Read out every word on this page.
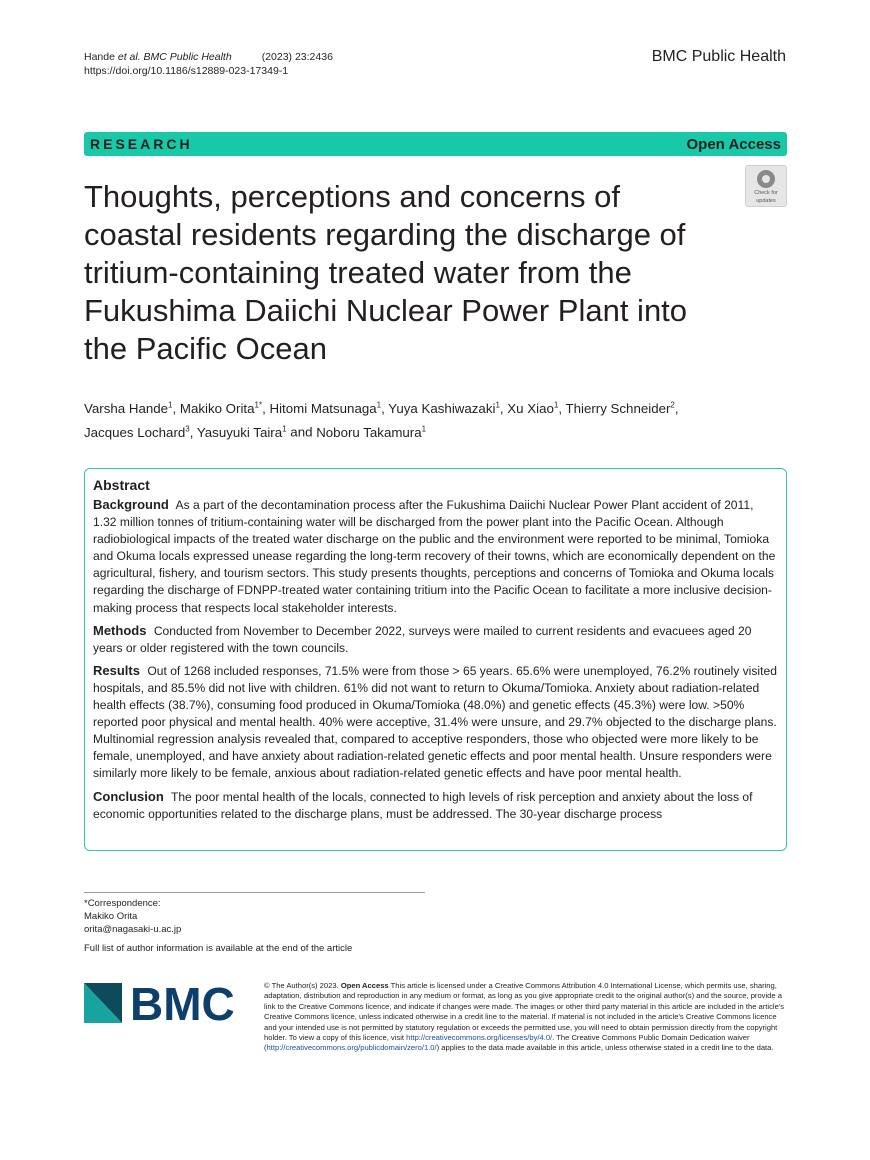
Hande et al. BMC Public Health	(2023) 23:2436
https://doi.org/10.1186/s12889-023-17349-1
BMC Public Health
RESEARCH	Open Access
Check for
updates
Thoughts, perceptions and concerns of coastal residents regarding the discharge of tritium-containing treated water from the Fukushima Daiichi Nuclear Power Plant into the Pacific Ocean
Varsha Hande$^1$, Makiko Orita$^{1*}$, Hitomi Matsunaga$^1$, Yuya Kashiwazaki$^1$, Xu Xiao$^1$, Thierry Schneider$^2$,
Jacques Lochard$^3$, Yasuyuki Taira$^1$ and Noboru Takamura$^1$
Abstract

Background As a part of the decontamination process after the Fukushima Daiichi Nuclear Power Plant accident of 2011, 1.32 million tonnes of tritium-containing water will be discharged from the power plant into the Pacific Ocean. Although radiobiological impacts of the treated water discharge on the public and the environment were reported to be minimal, Tomioka and Okuma locals expressed unease regarding the long-term recovery of their towns, which are economically dependent on the agricultural, fishery, and tourism sectors. This study presents thoughts, perceptions and concerns of Tomioka and Okuma locals regarding the discharge of FDNPP-treated water containing tritium into the Pacific Ocean to facilitate a more inclusive decision-making process that respects local stakeholder interests.

Methods Conducted from November to December 2022, surveys were mailed to current residents and evacuees aged 20 years or older registered with the town councils.

Results Out of 1268 included responses, 71.5% were from those > 65 years. 65.6% were unemployed, 76.2% routinely visited hospitals, and 85.5% did not live with children. 61% did not want to return to Okuma/Tomioka. Anxiety about radiation-related health effects (38.7%), consuming food produced in Okuma/Tomioka (48.0%) and genetic effects (45.3%) were low. >50% reported poor physical and mental health. 40% were acceptive, 31.4% were unsure, and 29.7% objected to the discharge plans. Multinomial regression analysis revealed that, compared to acceptive responders, those who objected were more likely to be female, unemployed, and have anxiety about radiation-related genetic effects and poor mental health. Unsure responders were similarly more likely to be female, anxious about radiation-related genetic effects and have poor mental health.

Conclusion The poor mental health of the locals, connected to high levels of risk perception and anxiety about the loss of economic opportunities related to the discharge plans, must be addressed. The 30-year discharge process

*Correspondence:
Makiko Orita
orita@nagasaki-u.ac.jp
Full list of author information is available at the end of the article
BMC	© The Author(s) 2023. Open Access This article is licensed under a Creative Commons Attribution 4.0 International License, which permits use, sharing, adaptation, distribution and reproduction in any medium or format, as long as you give appropriate credit to the original author(s) and the source, provide a link to the Creative Commons licence, and indicate if changes were made. The images or other third party material in this article are included in the article's Creative Commons licence, unless indicated otherwise in a credit line to the material. If material is not included in the article's Creative Commons licence and your intended use is not permitted by statutory regulation or exceeds the permitted use, you will need to obtain permission directly from the copyright holder. To view a copy of this licence, visit http://creativecommons.org/licenses/by/4.0/. The Creative Commons Public Domain Dedication waiver (http://creativecommons.org/publicdomain/zero/1.0/) applies to the data made available in this article, unless otherwise stated in a credit line to the data.
